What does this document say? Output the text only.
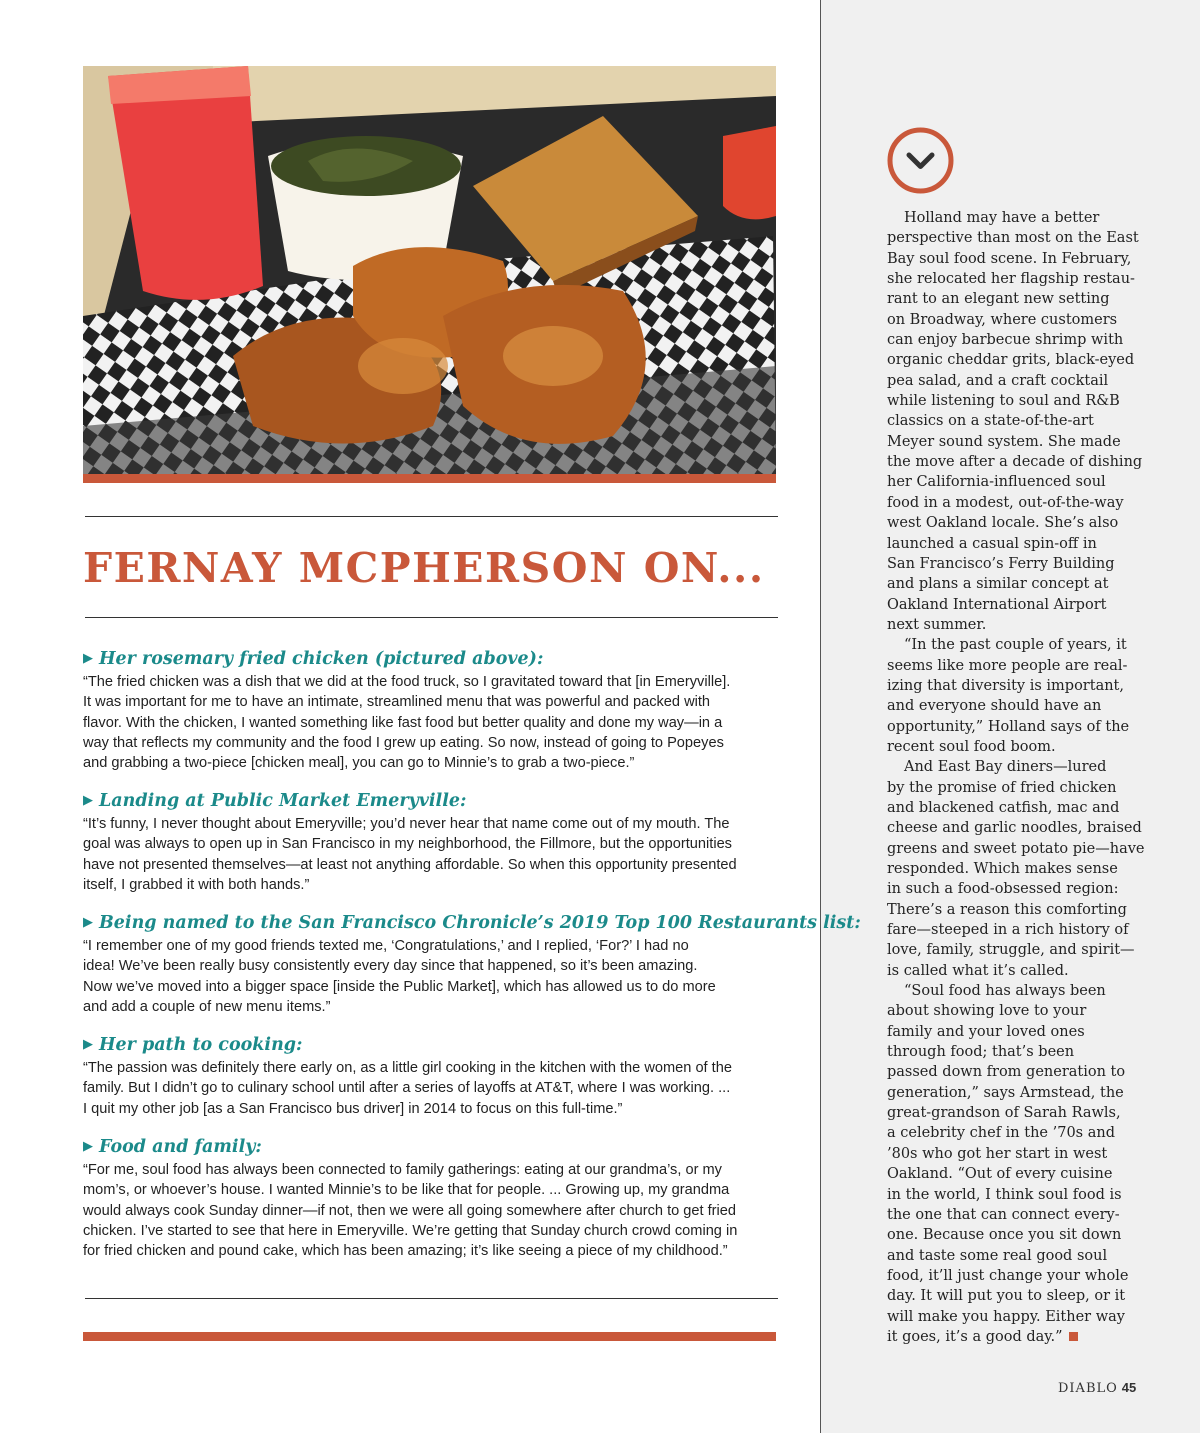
FERNAY MCPHERSON ON...
▶ Her rosemary fried chicken (pictured above):
“The fried chicken was a dish that we did at the food truck, so I gravitated toward that [in Emeryville].
It was important for me to have an intimate, streamlined menu that was powerful and packed with
flavor. With the chicken, I wanted something like fast food but better quality and done my way—in a
way that reflects my community and the food I grew up eating. So now, instead of going to Popeyes
and grabbing a two-piece [chicken meal], you can go to Minnie’s to grab a two-piece.”
▶ Landing at Public Market Emeryville:
“It’s funny, I never thought about Emeryville; you’d never hear that name come out of my mouth. The
goal was always to open up in San Francisco in my neighborhood, the Fillmore, but the opportunities
have not presented themselves—at least not anything affordable. So when this opportunity presented
itself, I grabbed it with both hands.”
▶ Being named to the San Francisco Chronicle’s 2019 Top 100 Restaurants list:
“I remember one of my good friends texted me, ‘Congratulations,’ and I replied, ‘For?’ I had no
idea! We’ve been really busy consistently every day since that happened, so it’s been amazing.
Now we’ve moved into a bigger space [inside the Public Market], which has allowed us to do more
and add a couple of new menu items.”
▶ Her path to cooking:
“The passion was definitely there early on, as a little girl cooking in the kitchen with the women of the
family. But I didn’t go to culinary school until after a series of layoffs at AT&T, where I was working. ...
I quit my other job [as a San Francisco bus driver] in 2014 to focus on this full-time.”
▶ Food and family:
“For me, soul food has always been connected to family gatherings: eating at our grandma’s, or my
mom’s, or whoever’s house. I wanted Minnie’s to be like that for people. ... Growing up, my grandma
would always cook Sunday dinner—if not, then we were all going somewhere after church to get fried
chicken. I’ve started to see that here in Emeryville. We’re getting that Sunday church crowd coming in
for fried chicken and pound cake, which has been amazing; it’s like seeing a piece of my childhood.”
Holland may have a better
perspective than most on the East
Bay soul food scene. In February,
she relocated her flagship restau-
rant to an elegant new setting
on Broadway, where customers
can enjoy barbecue shrimp with
organic cheddar grits, black-eyed
pea salad, and a craft cocktail
while listening to soul and R&B
classics on a state-of-the-art
Meyer sound system. She made
the move after a decade of dishing
her California-influenced soul
food in a modest, out-of-the-way
west Oakland locale. She’s also
launched a casual spin-off in
San Francisco’s Ferry Building
and plans a similar concept at
Oakland International Airport
next summer.
“In the past couple of years, it
seems like more people are real-
izing that diversity is important,
and everyone should have an
opportunity,” Holland says of the
recent soul food boom.
And East Bay diners—lured
by the promise of fried chicken
and blackened catfish, mac and
cheese and garlic noodles, braised
greens and sweet potato pie—have
responded. Which makes sense
in such a food-obsessed region:
There’s a reason this comforting
fare—steeped in a rich history of
love, family, struggle, and spirit—
is called what it’s called.
“Soul food has always been
about showing love to your
family and your loved ones
through food; that’s been
passed down from generation to
generation,” says Armstead, the
great-grandson of Sarah Rawls,
a celebrity chef in the ’70s and
’80s who got her start in west
Oakland. “Out of every cuisine
in the world, I think soul food is
the one that can connect every-
one. Because once you sit down
and taste some real good soul
food, it’ll just change your whole
day. It will put you to sleep, or it
will make you happy. Either way
it goes, it’s a good day.”
DIABLO 45
